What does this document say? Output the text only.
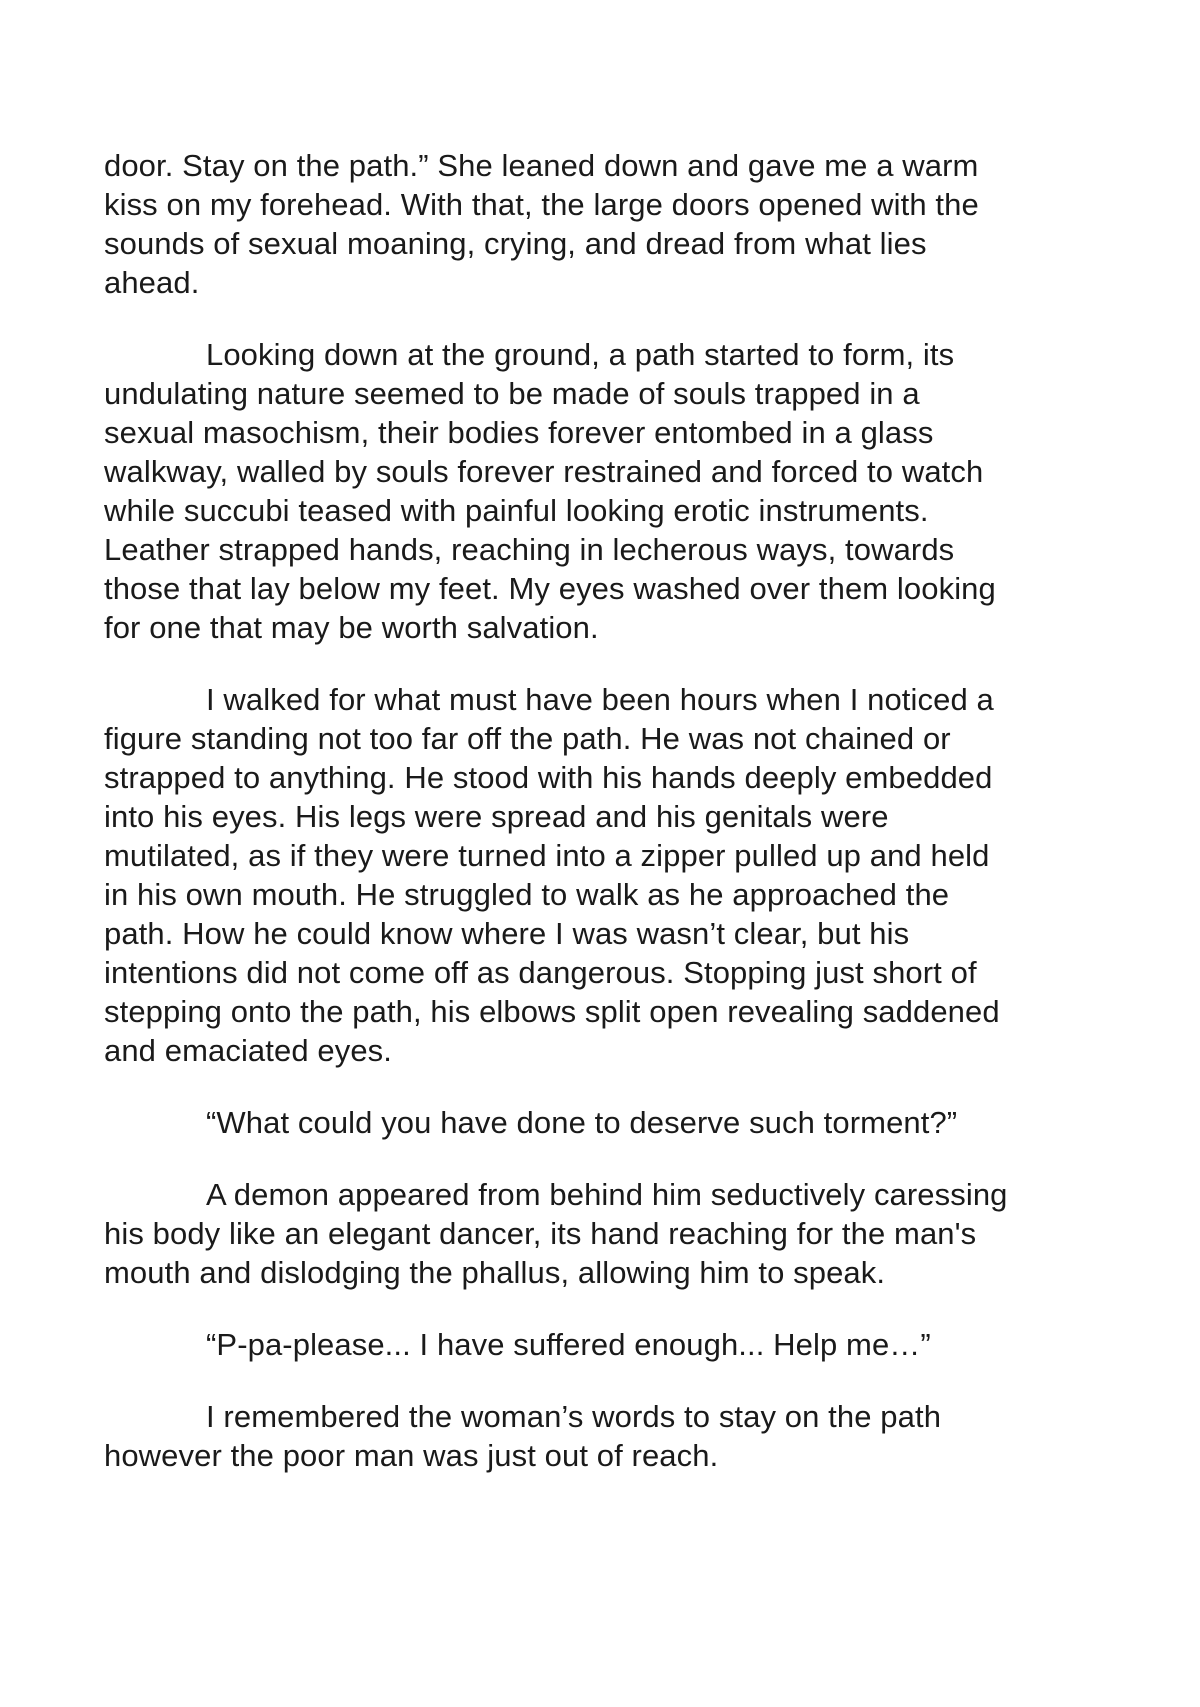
door. Stay on the path.” She leaned down and gave me a warm
kiss on my forehead. With that, the large doors opened with the
sounds of sexual moaning, crying, and dread from what lies
ahead.

Looking down at the ground, a path started to form, its
undulating nature seemed to be made of souls trapped in a
sexual masochism, their bodies forever entombed in a glass
walkway, walled by souls forever restrained and forced to watch
while succubi teased with painful looking erotic instruments.
Leather strapped hands, reaching in lecherous ways, towards
those that lay below my feet. My eyes washed over them looking
for one that may be worth salvation.

I walked for what must have been hours when I noticed a
figure standing not too far off the path. He was not chained or
strapped to anything. He stood with his hands deeply embedded
into his eyes. His legs were spread and his genitals were
mutilated, as if they were turned into a zipper pulled up and held
in his own mouth. He struggled to walk as he approached the
path. How he could know where I was wasn’t clear, but his
intentions did not come off as dangerous. Stopping just short of
stepping onto the path, his elbows split open revealing saddened
and emaciated eyes.

“What could you have done to deserve such torment?”

A demon appeared from behind him seductively caressing
his body like an elegant dancer, its hand reaching for the man's
mouth and dislodging the phallus, allowing him to speak.

“P-pa-please... I have suffered enough... Help me…”

I remembered the woman’s words to stay on the path
however the poor man was just out of reach.
